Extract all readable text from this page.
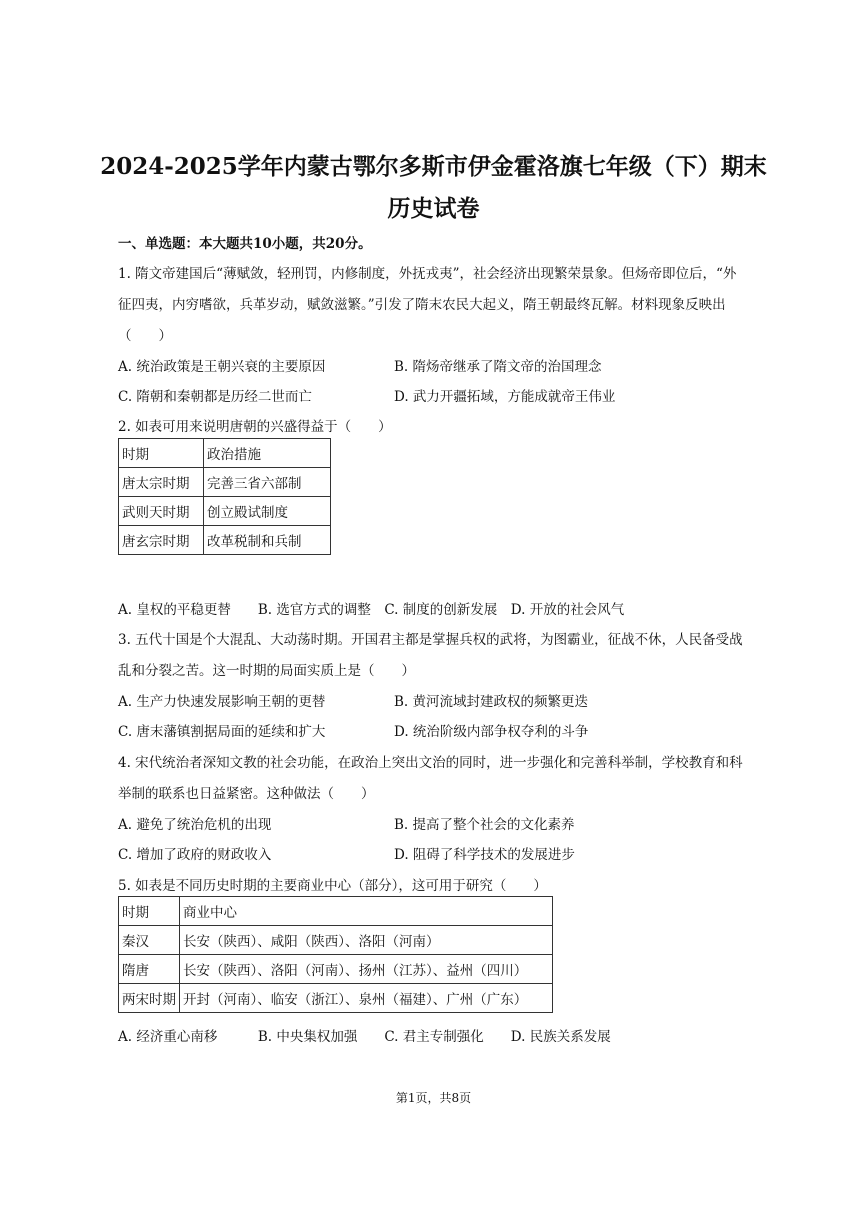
2024-2025学年内蒙古鄂尔多斯市伊金霍洛旗七年级（下）期末
历史试卷
一、单选题：本大题共10小题，共20分。
1. 隋文帝建国后“薄赋敛，轻刑罚，内修制度，外抚戎夷”，社会经济出现繁荣景象。但炀帝即位后，“外
征四夷，内穷嗜欲，兵革岁动，赋敛滋繁。”引发了隋末农民大起义，隋王朝最终瓦解。材料现象反映出
（　　）
A. 统治政策是王朝兴衰的主要原因	B. 隋炀帝继承了隋文帝的治国理念
C. 隋朝和秦朝都是历经二世而亡	D. 武力开疆拓域，方能成就帝王伟业
2. 如表可用来说明唐朝的兴盛得益于（　　）
时期	政治措施
唐太宗时期	完善三省六部制
武则天时期	创立殿试制度
唐玄宗时期	改革税制和兵制
A. 皇权的平稳更替　　B. 选官方式的调整　C. 制度的创新发展　D. 开放的社会风气
3. 五代十国是个大混乱、大动荡时期。开国君主都是掌握兵权的武将，为图霸业，征战不休，人民备受战
乱和分裂之苦。这一时期的局面实质上是（　　）
A. 生产力快速发展影响王朝的更替	B. 黄河流域封建政权的频繁更迭
C. 唐末藩镇割据局面的延续和扩大	D. 统治阶级内部争权夺利的斗争
4. 宋代统治者深知文教的社会功能，在政治上突出文治的同时，进一步强化和完善科举制，学校教育和科
举制的联系也日益紧密。这种做法（　　）
A. 避免了统治危机的出现	B. 提高了整个社会的文化素养
C. 增加了政府的财政收入	D. 阻碍了科学技术的发展进步
5. 如表是不同历史时期的主要商业中心（部分），这可用于研究（　　）
时期	商业中心
秦汉	长安（陕西）、咸阳（陕西）、洛阳（河南）
隋唐	长安（陕西）、洛阳（河南）、扬州（江苏）、益州（四川）
两宋时期	开封（河南）、临安（浙江）、泉州（福建）、广州（广东）
A. 经济重心南移　　　B. 中央集权加强　　C. 君主专制强化　　D. 民族关系发展
第1页，共8页
